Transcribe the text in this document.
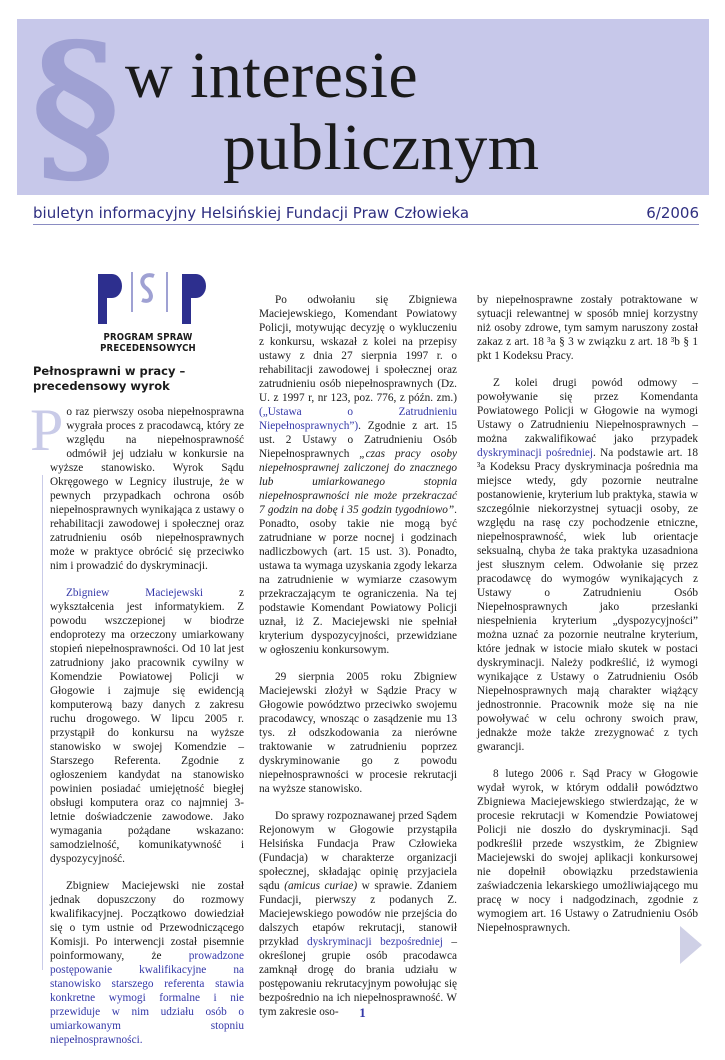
§ w interesie
publicznym
biuletyn informacyjny Helsińskiej Fundacji Praw Człowieka	6/2006
PROGRAM SPRAW PRECEDENSOWYCH
Pełnosprawni w pracy – precedensowy wyrok

Po raz pierwszy osoba niepełnosprawna wygrała proces z pracodawcą, który ze względu na niepełnosprawność odmówił jej udziału w konkursie na wyższe stanowisko. Wyrok Sądu Okręgowego w Legnicy ilustruje, że w pewnych przypadkach ochrona osób niepełnosprawnych wynikająca z ustawy o rehabilitacji zawodowej i społecznej oraz zatrudnieniu osób niepełnosprawnych może w praktyce obrócić się przeciwko nim i prowadzić do dyskryminacji.

Zbigniew Maciejewski z wykształcenia jest informatykiem. Z powodu wszczepionej w biodrze endoprotezy ma orzeczony umiarkowany stopień niepełnosprawności. Od 10 lat jest zatrudniony jako pracownik cywilny w Komendzie Powiatowej Policji w Głogowie i zajmuje się ewidencją komputerową bazy danych z zakresu ruchu drogowego. W lipcu 2005 r. przystąpił do konkursu na wyższe stanowisko w swojej Komendzie – Starszego Referenta. Zgodnie z ogłoszeniem kandydat na stanowisko powinien posiadać umiejętność biegłej obsługi komputera oraz co najmniej 3-letnie doświadczenie zawodowe. Jako wymagania pożądane wskazano: samodzielność, komunikatywność i dyspozycyjność.

Zbigniew Maciejewski nie został jednak dopuszczony do rozmowy kwalifikacyjnej. Początkowo dowiedział się o tym ustnie od Przewodniczącego Komisji. Po interwencji został pisemnie poinformowany, że prowadzone postępowanie kwalifikacyjne na stanowisko starszego referenta stawia konkretne wymogi formalne i nie przewiduje w nim udziału osób o umiarkowanym stopniu niepełnosprawności.

Po odwołaniu się Zbigniewa Maciejewskiego, Komendant Powiatowy Policji, motywując decyzję o wykluczeniu z konkursu, wskazał z kolei na przepisy ustawy z dnia 27 sierpnia 1997 r. o rehabilitacji zawodowej i społecznej oraz zatrudnieniu osób niepełnosprawnych (Dz. U. z 1997 r, nr 123, poz. 776, z późn. zm.) („Ustawa o Zatrudnieniu Niepełnosprawnych”). Zgodnie z art. 15 ust. 2 Ustawy o Zatrudnieniu Osób Niepełnosprawnych „czas pracy osoby niepełnosprawnej zaliczonej do znacznego lub umiarkowanego stopnia niepełnosprawności nie może przekraczać 7 godzin na dobę i 35 godzin tygodniowo”. Ponadto, osoby takie nie mogą być zatrudniane w porze nocnej i godzinach nadliczbowych (art. 15 ust. 3). Ponadto, ustawa ta wymaga uzyskania zgody lekarza na zatrudnienie w wymiarze czasowym przekraczającym te ograniczenia. Na tej podstawie Komendant Powiatowy Policji uznał, iż Z. Maciejewski nie spełniał kryterium dyspozycyjności, przewidziane w ogłoszeniu konkursowym.

29 sierpnia 2005 roku Zbigniew Maciejewski złożył w Sądzie Pracy w Głogowie powództwo przeciwko swojemu pracodawcy, wnosząc o zasądzenie mu 13 tys. zł odszkodowania za nierówne traktowanie w zatrudnieniu poprzez dyskryminowanie go z powodu niepełnosprawności w procesie rekrutacji na wyższe stanowisko.

Do sprawy rozpoznawanej przed Sądem Rejonowym w Głogowie przystąpiła Helsińska Fundacja Praw Człowieka (Fundacja) w charakterze organizacji społecznej, składając opinię przyjaciela sądu (amicus curiae) w sprawie. Zdaniem Fundacji, pierwszy z podanych Z. Maciejewskiego powodów nie przejścia do dalszych etapów rekrutacji, stanowił przykład dyskryminacji bezpośredniej – określonej grupie osób pracodawca zamknął drogę do brania udziału w postępowaniu rekrutacyjnym powołując się bezpośrednio na ich niepełnosprawność. W tym zakresie oso-

by niepełnosprawne zostały potraktowane w sytuacji relewantnej w sposób mniej korzystny niż osoby zdrowe, tym samym naruszony został zakaz z art. 18 ³a § 3 w związku z art. 18 ³b § 1 pkt 1 Kodeksu Pracy.

Z kolei drugi powód odmowy – powoływanie się przez Komendanta Powiatowego Policji w Głogowie na wymogi Ustawy o Zatrudnieniu Niepełnosprawnych – można zakwalifikować jako przypadek dyskryminacji pośredniej. Na podstawie art. 18 ³a Kodeksu Pracy dyskryminacja pośrednia ma miejsce wtedy, gdy pozornie neutralne postanowienie, kryterium lub praktyka, stawia w szczególnie niekorzystnej sytuacji osoby, ze względu na rasę czy pochodzenie etniczne, niepełnosprawność, wiek lub orientacje seksualną, chyba że taka praktyka uzasadniona jest słusznym celem. Odwołanie się przez pracodawcę do wymogów wynikających z Ustawy o Zatrudnieniu Osób Niepełnosprawnych jako przesłanki niespełnienia kryterium „dyspozycyjności” można uznać za pozornie neutralne kryterium, które jednak w istocie miało skutek w postaci dyskryminacji. Należy podkreślić, iż wymogi wynikające z Ustawy o Zatrudnieniu Osób Niepełnosprawnych mają charakter wiążący jednostronnie. Pracownik może się na nie powoływać w celu ochrony swoich praw, jednakże może także zrezygnować z tych gwarancji.

8 lutego 2006 r. Sąd Pracy w Głogowie wydał wyrok, w którym oddalił powództwo Zbigniewa Maciejewskiego stwierdzając, że w procesie rekrutacji w Komendzie Powiatowej Policji nie doszło do dyskryminacji. Sąd podkreślił przede wszystkim, że Zbigniew Maciejewski do swojej aplikacji konkursowej nie dopełnił obowiązku przedstawienia zaświadczenia lekarskiego umożliwiającego mu pracę w nocy i nadgodzinach, zgodnie z wymogiem art. 16 Ustawy o Zatrudnieniu Osób Niepełnosprawnych.

1
